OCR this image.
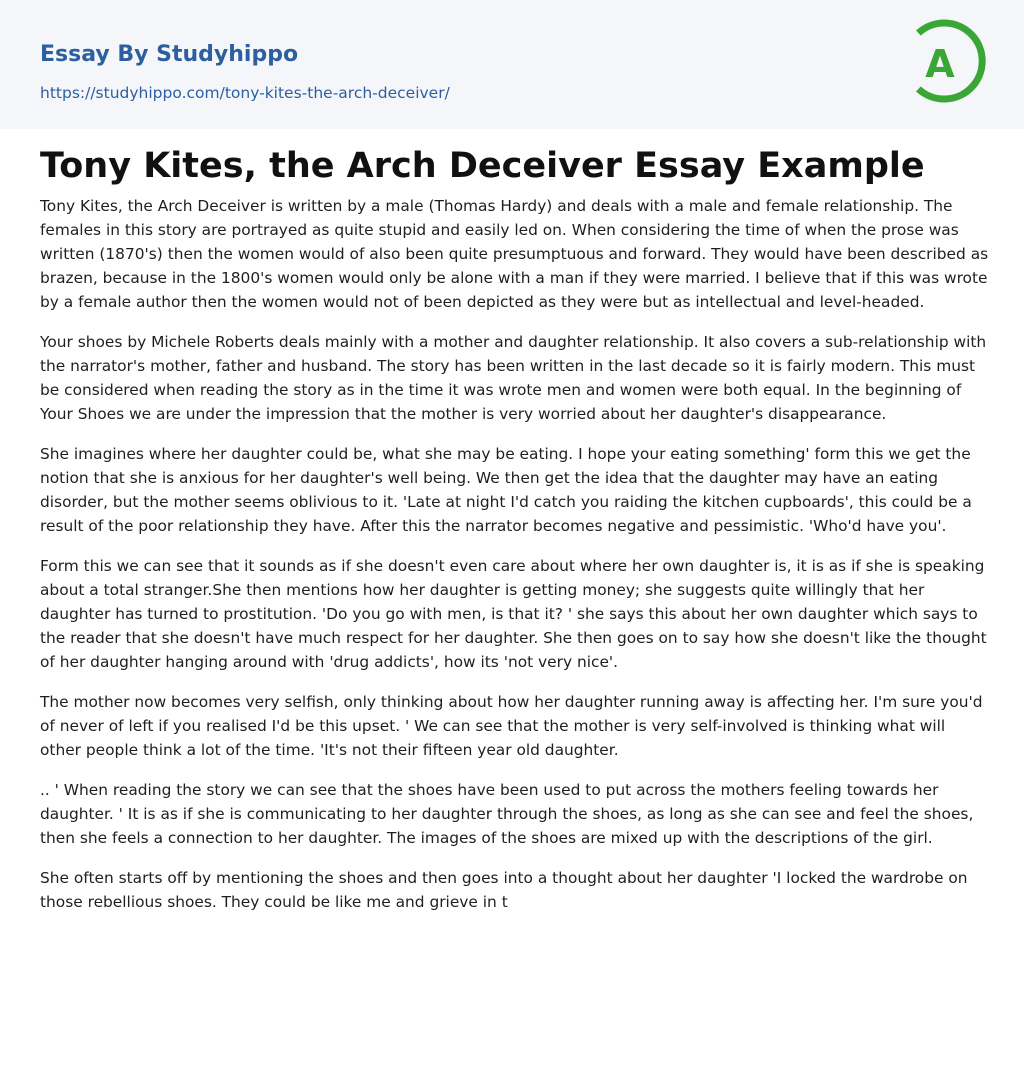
Essay By Studyhippo
https://studyhippo.com/tony-kites-the-arch-deceiver/
A
Tony Kites, the Arch Deceiver Essay Example

Tony Kites, the Arch Deceiver is written by a male (Thomas Hardy) and deals with a male and female relationship. The females in this story are portrayed as quite stupid and easily led on. When considering the time of when the prose was written (1870's) then the women would of also been quite presumptuous and forward. They would have been described as brazen, because in the 1800's women would only be alone with a man if they were married. I believe that if this was wrote by a female author then the women would not of been depicted as they were but as intellectual and level-headed.

Your shoes by Michele Roberts deals mainly with a mother and daughter relationship. It also covers a sub-relationship with the narrator's mother, father and husband. The story has been written in the last decade so it is fairly modern. This must be considered when reading the story as in the time it was wrote men and women were both equal. In the beginning of Your Shoes we are under the impression that the mother is very worried about her daughter's disappearance.

She imagines where her daughter could be, what she may be eating. I hope your eating something' form this we get the notion that she is anxious for her daughter's well being. We then get the idea that the daughter may have an eating disorder, but the mother seems oblivious to it. 'Late at night I'd catch you raiding the kitchen cupboards', this could be a result of the poor relationship they have. After this the narrator becomes negative and pessimistic. 'Who'd have you'.

Form this we can see that it sounds as if she doesn't even care about where her own daughter is, it is as if she is speaking about a total stranger.She then mentions how her daughter is getting money; she suggests quite willingly that her daughter has turned to prostitution. 'Do you go with men, is that it? ' she says this about her own daughter which says to the reader that she doesn't have much respect for her daughter. She then goes on to say how she doesn't like the thought of her daughter hanging around with 'drug addicts', how its 'not very nice'.

The mother now becomes very selfish, only thinking about how her daughter running away is affecting her. I'm sure you'd of never of left if you realised I'd be this upset. ' We can see that the mother is very self-involved is thinking what will other people think a lot of the time. 'It's not their fifteen year old daughter.

.. ' When reading the story we can see that the shoes have been used to put across the mothers feeling towards her daughter. ' It is as if she is communicating to her daughter through the shoes, as long as she can see and feel the shoes, then she feels a connection to her daughter. The images of the shoes are mixed up with the descriptions of the girl.

She often starts off by mentioning the shoes and then goes into a thought about her daughter 'I locked the wardrobe on those rebellious shoes. They could be like me and grieve in t
